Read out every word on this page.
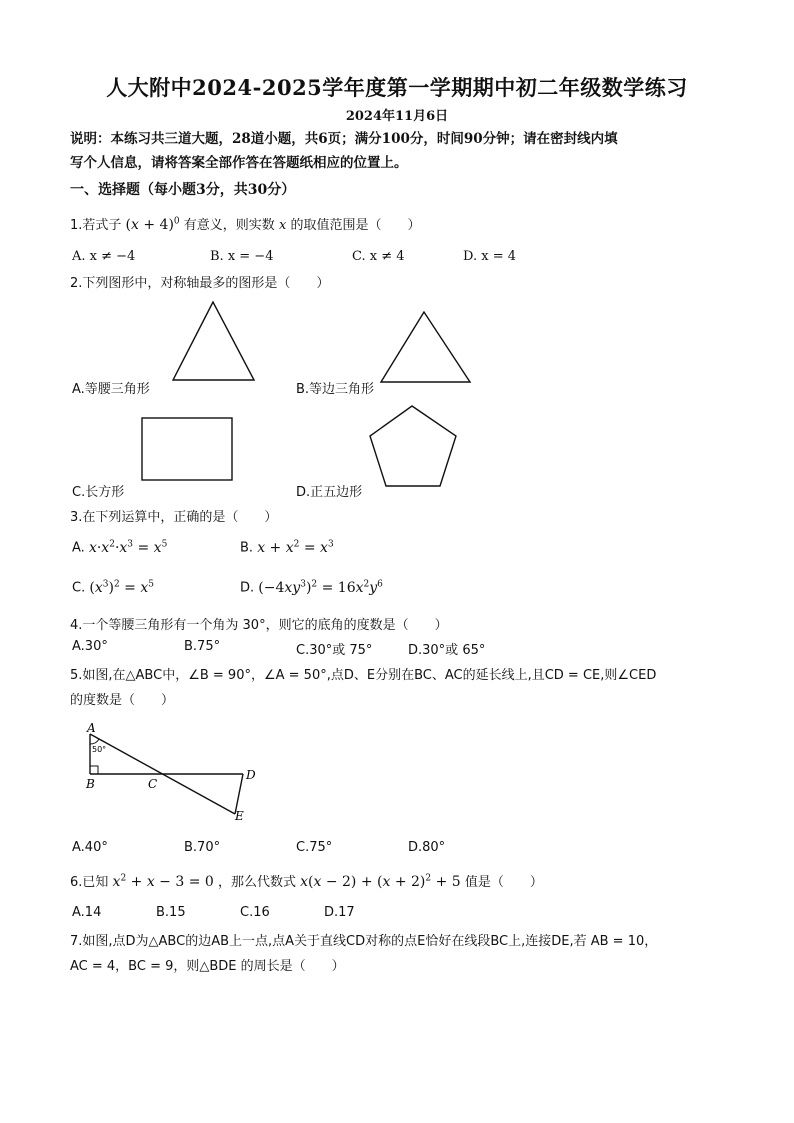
人大附中2024-2025学年度第一学期期中初二年级数学练习
2024年11月6日
说明：本练习共三道大题，28道小题，共6页；满分100分，时间90分钟；请在密封线内填
写个人信息，请将答案全部作答在答题纸相应的位置上。
一、选择题（每小题3分，共30分）
1.若式子 $(x + 4)^0$ 有意义，则实数 x 的取值范围是（　　）
A. x ≠ −4	B. x = −4	C. x ≠ 4	D. x = 4
2.下列图形中，对称轴最多的图形是（　　）
A.等腰三角形	B.等边三角形
C.长方形	D.正五边形
3.在下列运算中，正确的是（　　）
A. $x\cdot x^2\cdot x^3 = x^5$	B. $x + x^2 = x^3$
C. $(x^3)^2 = x^5$	D. $(-4xy^3)^2 = 16x^2y^6$
4.一个等腰三角形有一个角为 30°，则它的底角的度数是（　　）
A.30°	B.75°	C.30°或 75°	D.30°或 65°
5.如图,在△ABC中，∠B = 90°，∠A = 50°,点D、E分别在BC、AC的延长线上,且CD = CE,则∠CED
的度数是（　　）
A
50°
B	C
D
E
A.40°	B.70°	C.75°	D.80°
6.已知 $x^2 + x - 3 = 0$ ，那么代数式 $x(x - 2) + (x + 2)^2 + 5$ 值是（　　）
A.14	B.15	C.16	D.17
7.如图,点D为△ABC的边AB上一点,点A关于直线CD对称的点E恰好在线段BC上,连接DE,若 AB = 10，
AC = 4，BC = 9，则△BDE 的周长是（　　）
